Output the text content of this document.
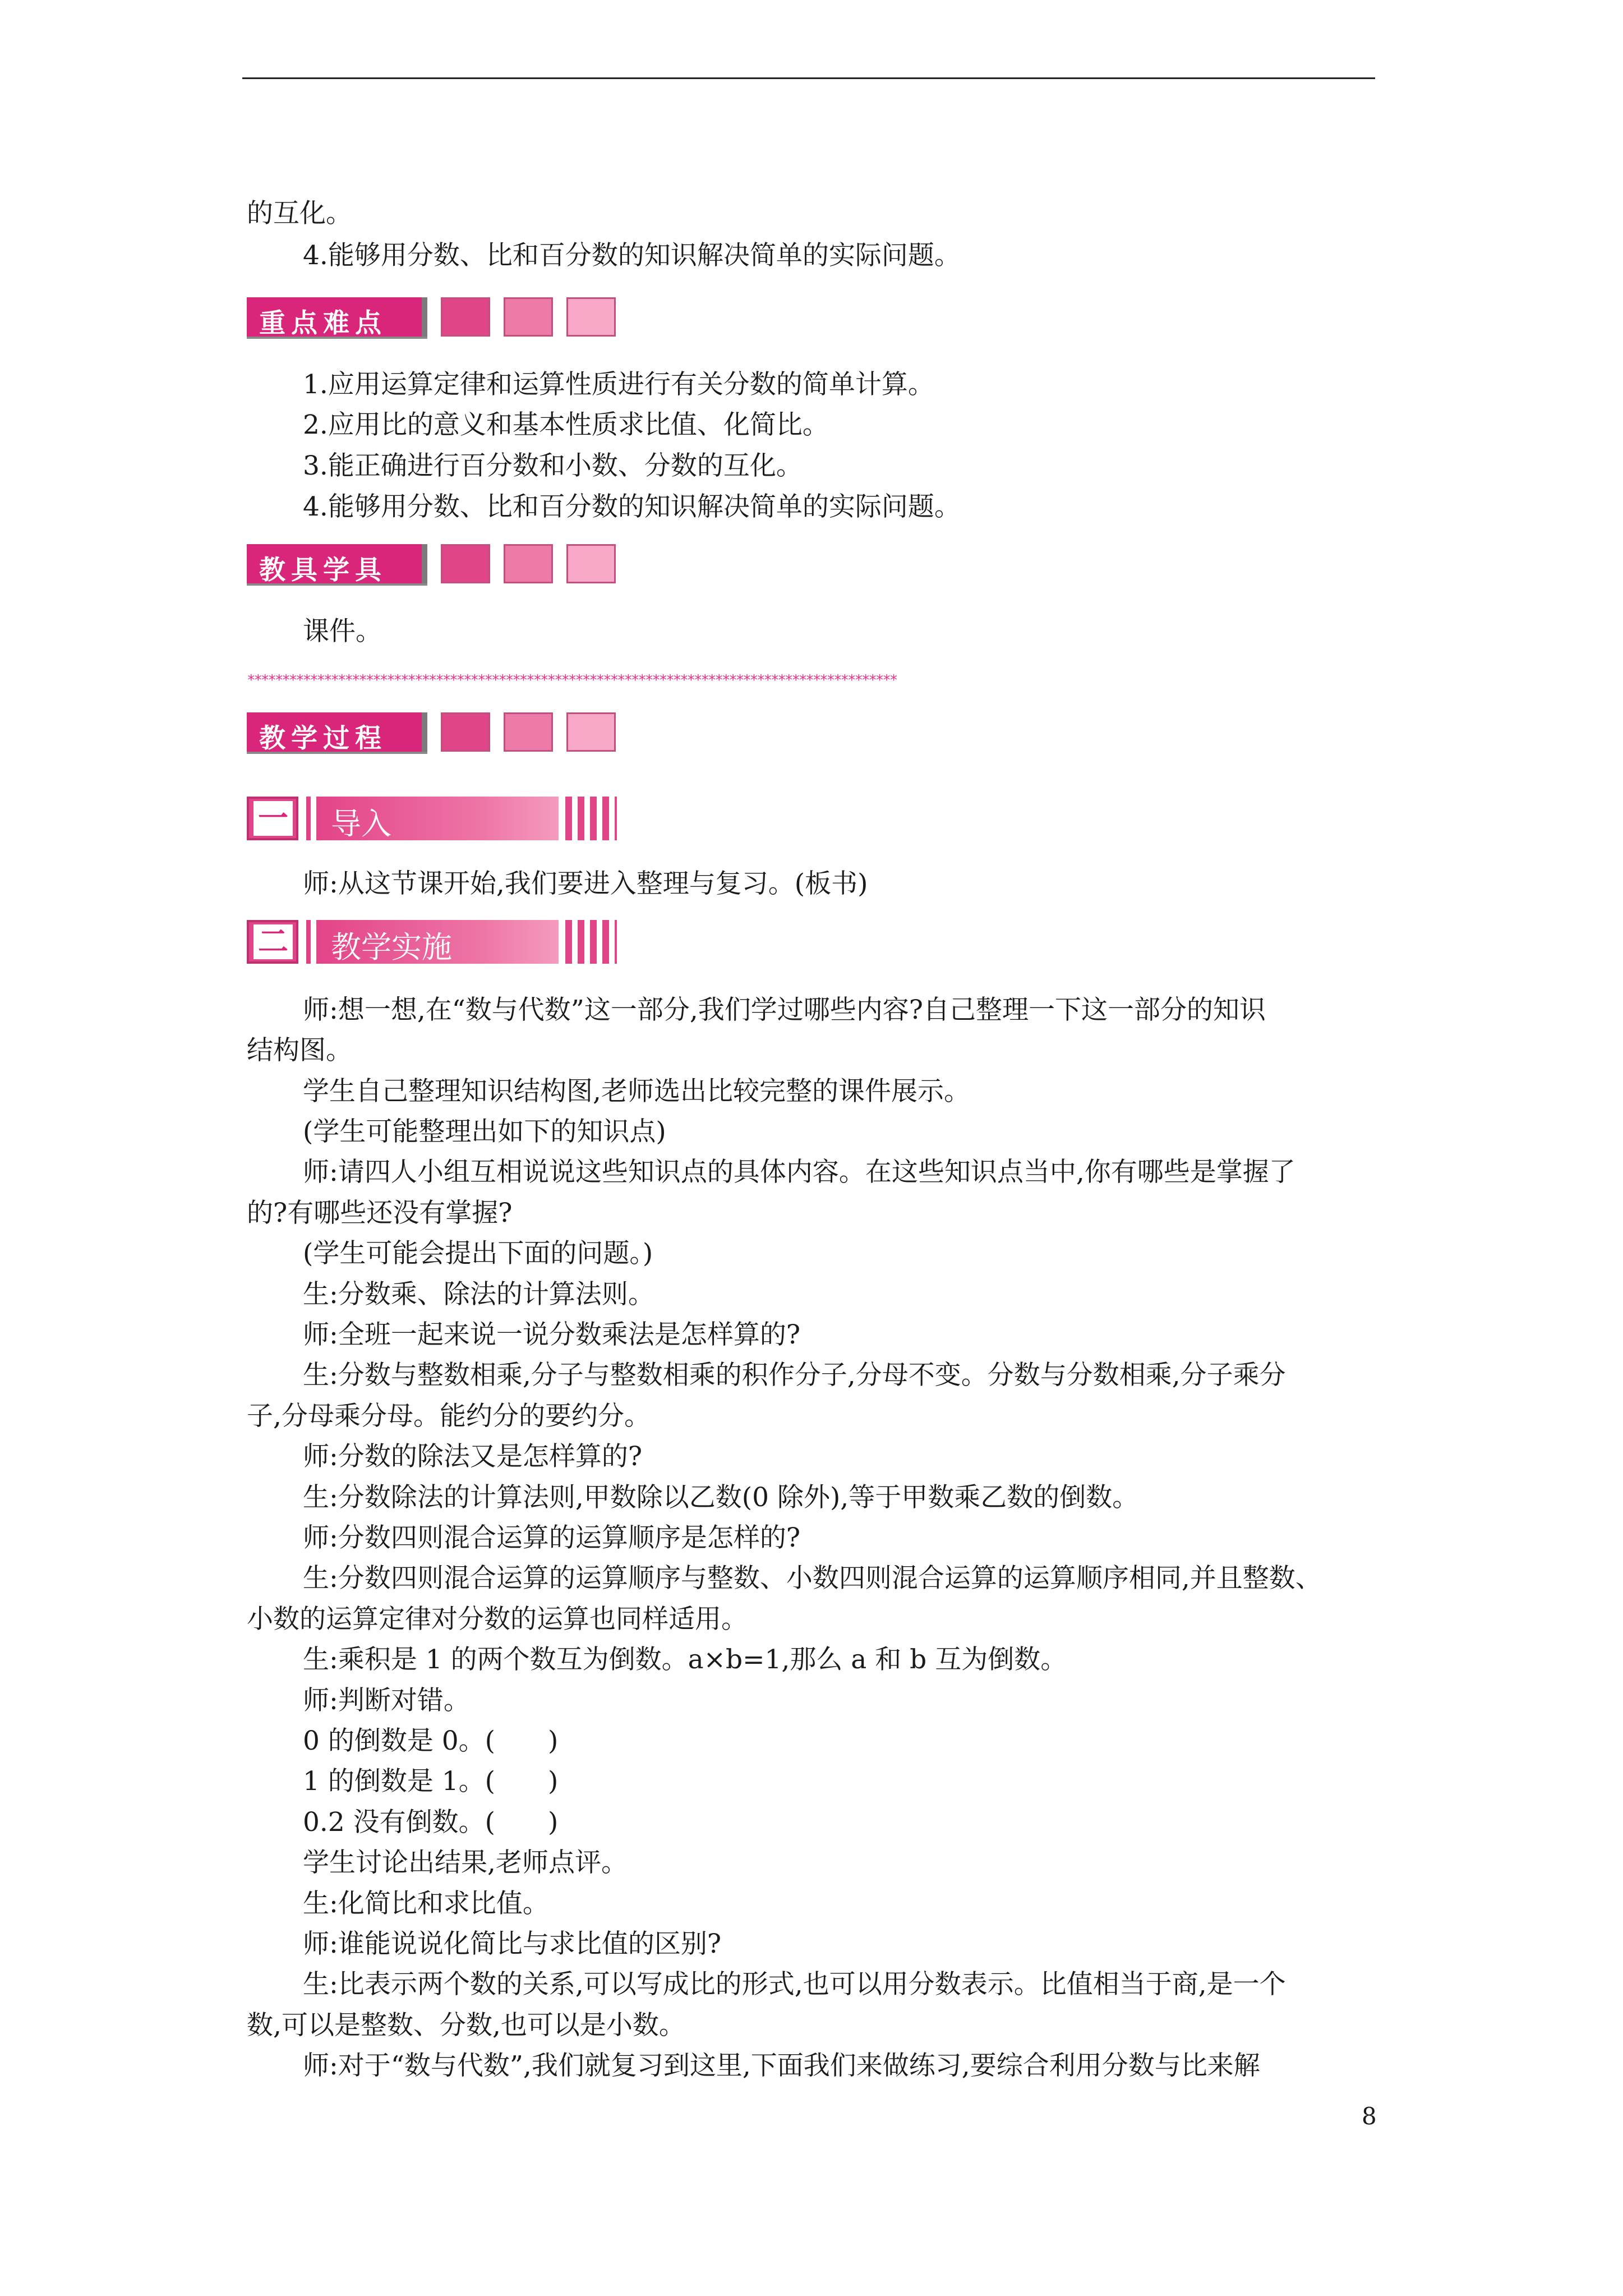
的互化。

4.能够用分数、比和百分数的知识解决简单的实际问题。

重点难点

1.应用运算定律和运算性质进行有关分数的简单计算。

2.应用比的意义和基本性质求比值、化简比。

3.能正确进行百分数和小数、分数的互化。

4.能够用分数、比和百分数的知识解决简单的实际问题。

教具学具

课件。

*********************************************************************************************
教学过程
一 导入

师:从这节课开始,我们要进入整理与复习。(板书)

二 教学实施

师:想一想,在“数与代数”这一部分,我们学过哪些内容?自己整理一下这一部分的知识

结构图。

学生自己整理知识结构图,老师选出比较完整的课件展示。

(学生可能整理出如下的知识点)

师:请四人小组互相说说这些知识点的具体内容。在这些知识点当中,你有哪些是掌握了

的?有哪些还没有掌握?

(学生可能会提出下面的问题。)

生:分数乘、除法的计算法则。

师:全班一起来说一说分数乘法是怎样算的?

生:分数与整数相乘,分子与整数相乘的积作分子,分母不变。分数与分数相乘,分子乘分

子,分母乘分母。能约分的要约分。

师:分数的除法又是怎样算的?

生:分数除法的计算法则,甲数除以乙数(0 除外),等于甲数乘乙数的倒数。

师:分数四则混合运算的运算顺序是怎样的?

生:分数四则混合运算的运算顺序与整数、小数四则混合运算的运算顺序相同,并且整数、

小数的运算定律对分数的运算也同样适用。

生:乘积是 1 的两个数互为倒数。a×b=1,那么 a 和 b 互为倒数。

师:判断对错。

0 的倒数是 0。(　　)

1 的倒数是 1。(　　)

0.2 没有倒数。(　　)

学生讨论出结果,老师点评。

生:化简比和求比值。

师:谁能说说化简比与求比值的区别?

生:比表示两个数的关系,可以写成比的形式,也可以用分数表示。比值相当于商,是一个

数,可以是整数、分数,也可以是小数。

师:对于“数与代数”,我们就复习到这里,下面我们来做练习,要综合利用分数与比来解

8
